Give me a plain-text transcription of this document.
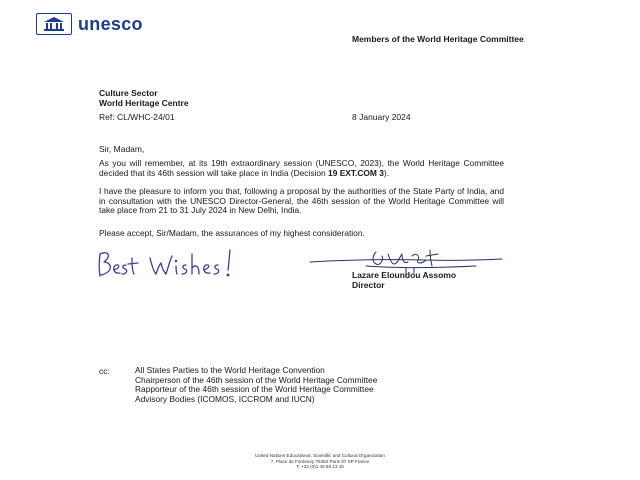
unesco
Members of the World Heritage Committee
Culture Sector
World Heritage Centre
Ref: CL/WHC-24/01	8 January 2024
Sir, Madam,
As you will remember, at its 19th extraordinary session (UNESCO, 2023), the World Heritage Committee decided that its 46th session will take place in India (Decision 19 EXT.COM 3).
I have the pleasure to inform you that, following a proposal by the authorities of the State Party of India, and in consultation with the UNESCO Director-General, the 46th session of the World Heritage Committee will take place from 21 to 31 July 2024 in New Delhi, India.
Please accept, Sir/Madam, the assurances of my highest consideration.
Lazare Eloundou Assomo
Director
cc:	All States Parties to the World Heritage Convention
Chairperson of the 46th session of the World Heritage Committee
Rapporteur of the 46th session of the World Heritage Committee
Advisory Bodies (ICOMOS, ICCROM and IUCN)
United Nations Educational, Scientific and Cultural Organization
7, Place de Fontenoy 75352 Paris 07 SP France
T: +33 (0)1 45 68 13 15
